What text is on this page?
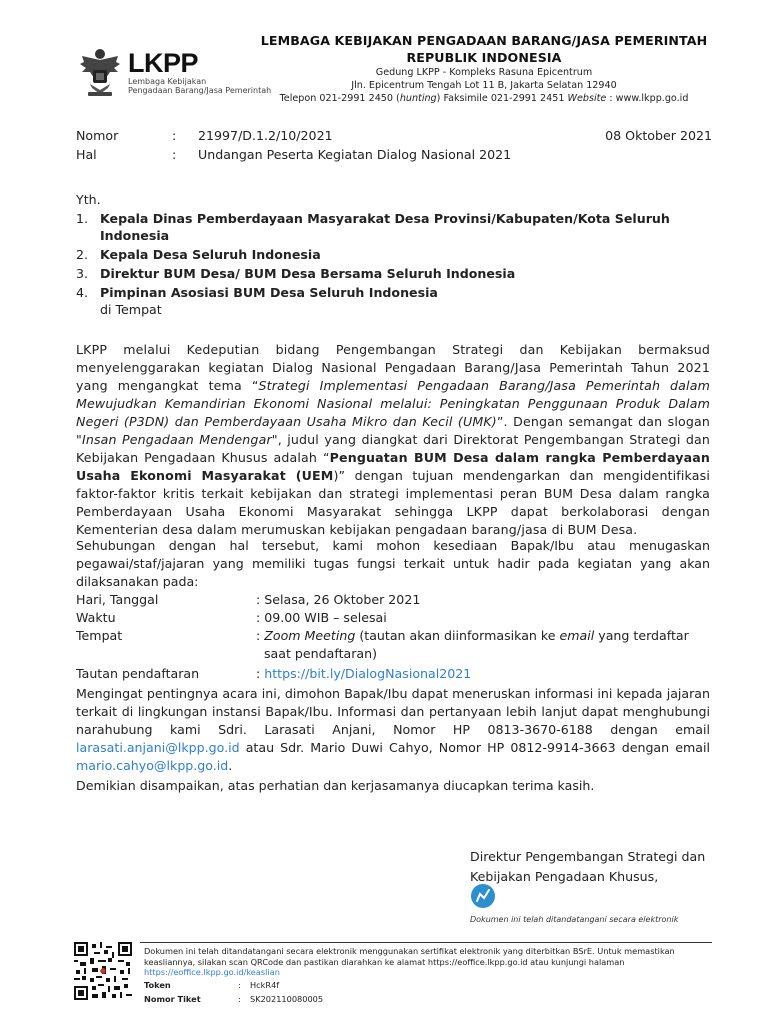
LKPP
Lembaga Kebijakan
Pengadaan Barang/Jasa Pemerintah
LEMBAGA KEBIJAKAN PENGADAAN BARANG/JASA PEMERINTAH
REPUBLIK INDONESIA
Gedung LKPP - Kompleks Rasuna Epicentrum
Jln. Epicentrum Tengah Lot 11 B, Jakarta Selatan 12940
Telepon 021-2991 2450 (hunting) Faksimile 021-2991 2451 Website : www.lkpp.go.id
Nomor	: 21997/D.1.2/10/2021	08 Oktober 2021
Hal	: Undangan Peserta Kegiatan Dialog Nasional 2021
Yth.
1. Kepala Dinas Pemberdayaan Masyarakat Desa Provinsi/Kabupaten/Kota Seluruh Indonesia
2. Kepala Desa Seluruh Indonesia
3. Direktur BUM Desa/ BUM Desa Bersama Seluruh Indonesia
4. Pimpinan Asosiasi BUM Desa Seluruh Indonesia
di Tempat

LKPP melalui Kedeputian bidang Pengembangan Strategi dan Kebijakan bermaksud menyelenggarakan kegiatan Dialog Nasional Pengadaan Barang/Jasa Pemerintah Tahun 2021 yang mengangkat tema “Strategi Implementasi Pengadaan Barang/Jasa Pemerintah dalam Mewujudkan Kemandirian Ekonomi Nasional melalui: Peningkatan Penggunaan Produk Dalam Negeri (P3DN) dan Pemberdayaan Usaha Mikro dan Kecil (UMK)”. Dengan semangat dan slogan "Insan Pengadaan Mendengar", judul yang diangkat dari Direktorat Pengembangan Strategi dan Kebijakan Pengadaan Khusus adalah “Penguatan BUM Desa dalam rangka Pemberdayaan Usaha Ekonomi Masyarakat (UEM)” dengan tujuan mendengarkan dan mengidentifikasi faktor-faktor kritis terkait kebijakan dan strategi implementasi peran BUM Desa dalam rangka Pemberdayaan Usaha Ekonomi Masyarakat sehingga LKPP dapat berkolaborasi dengan Kementerian desa dalam merumuskan kebijakan pengadaan barang/jasa di BUM Desa.

Sehubungan dengan hal tersebut, kami mohon kesediaan Bapak/Ibu atau menugaskan pegawai/staf/jajaran yang memiliki tugas fungsi terkait untuk hadir pada kegiatan yang akan dilaksanakan pada:
Hari, Tanggal	: Selasa, 26 Oktober 2021
Waktu	: 09.00 WIB – selesai
Tempat	: Zoom Meeting (tautan akan diinformasikan ke email yang terdaftar
saat pendaftaran)
Tautan pendaftaran	: https://bit.ly/DialogNasional2021

Mengingat pentingnya acara ini, dimohon Bapak/Ibu dapat meneruskan informasi ini kepada jajaran terkait di lingkungan instansi Bapak/Ibu. Informasi dan pertanyaan lebih lanjut dapat menghubungi narahubung kami Sdri. Larasati Anjani, Nomor HP 0813-3670-6188 dengan email larasati.anjani@lkpp.go.id atau Sdr. Mario Duwi Cahyo, Nomor HP 0812-9914-3663 dengan email mario.cahyo@lkpp.go.id.

Demikian disampaikan, atas perhatian dan kerjasamanya diucapkan terima kasih.
Direktur Pengembangan Strategi dan
Kebijakan Pengadaan Khusus,
Dokumen ini telah ditandatangani secara elektronik
Dokumen ini telah ditandatangani secara elektronik menggunakan sertifikat elektronik yang diterbitkan BSrE. Untuk memastikan keasliannya, silakan scan QRCode dan pastikan diarahkan ke alamat https://eoffice.lkpp.go.id atau kunjungi halaman https://eoffice.lkpp.go.id/keaslian
Token	: HckR4f
Nomor Tiket	: SK202110080005
